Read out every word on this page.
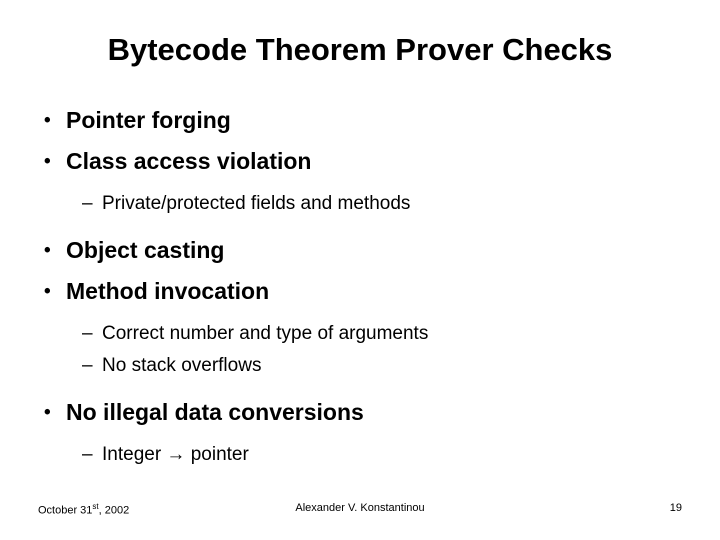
Bytecode Theorem Prover Checks
• Pointer forging
• Class access violation
– Private/protected fields and methods
• Object casting
• Method invocation
– Correct number and type of arguments
– No stack overflows
• No illegal data conversions
– Integer → pointer
October 31st, 2002	Alexander V. Konstantinou	19
